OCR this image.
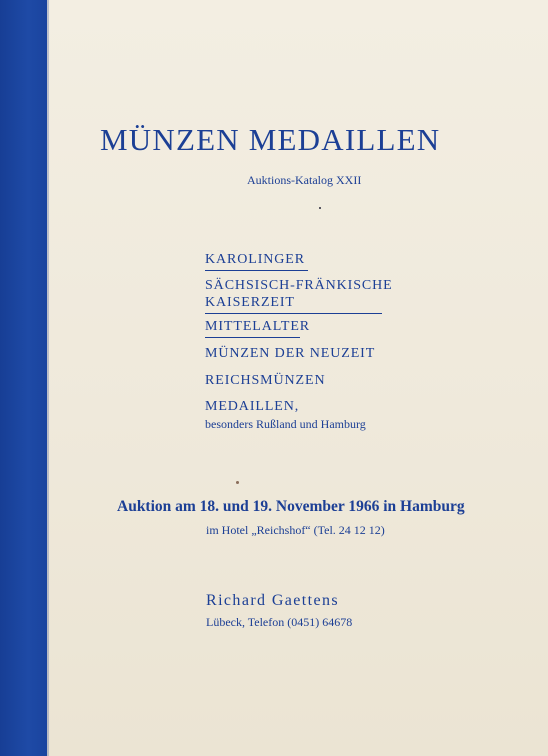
MÜNZEN MEDAILLEN
Auktions-Katalog XXII
KAROLINGER
SÄCHSISCH-FRÄNKISCHE
KAISERZEIT
MITTELALTER
MÜNZEN DER NEUZEIT
REICHSMÜNZEN
MEDAILLEN,
besonders Rußland und Hamburg
Auktion am 18. und 19. November 1966 in Hamburg
im Hotel „Reichshof“ (Tel. 24 12 12)
Richard Gaettens
Lübeck, Telefon (0451) 64678
